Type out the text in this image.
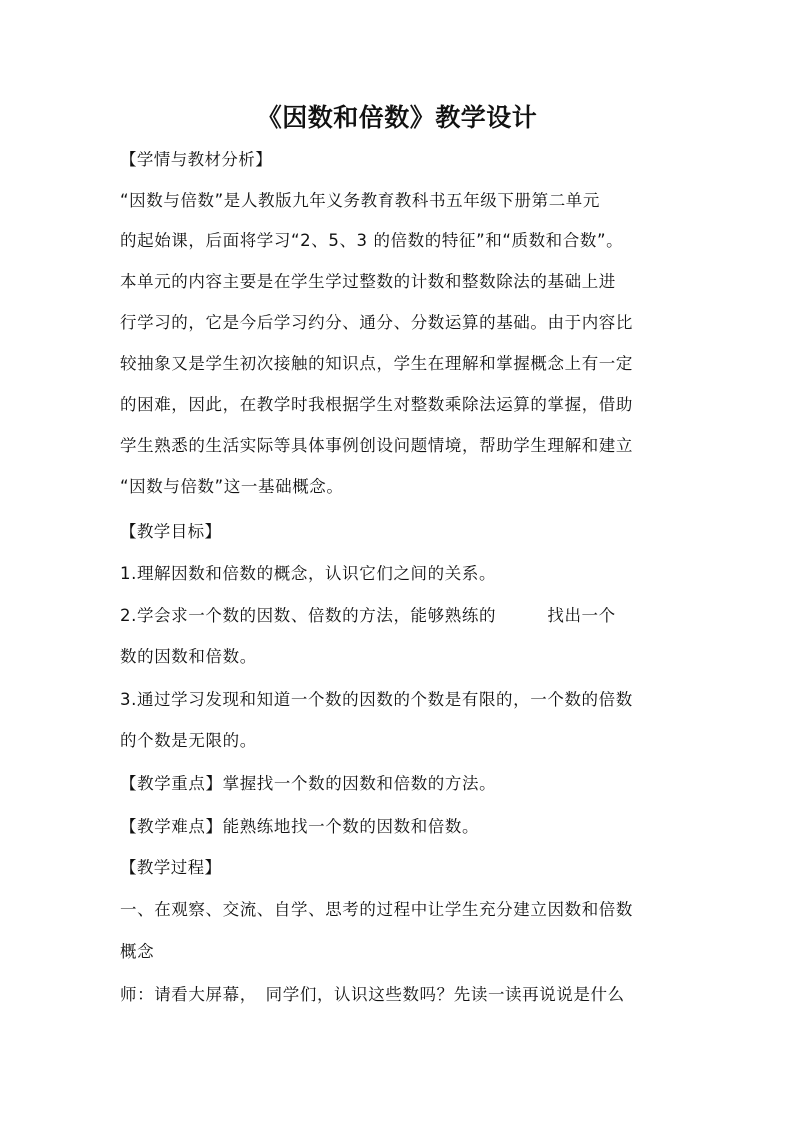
《因数和倍数》教学设计
【学情与教材分析】
“因数与倍数”是人教版九年义务教育教科书五年级下册第二单元
的起始课，后面将学习“2、5、3 的倍数的特征”和“质数和合数”。
本单元的内容主要是在学生学过整数的计数和整数除法的基础上进
行学习的，它是今后学习约分、通分、分数运算的基础。由于内容比
较抽象又是学生初次接触的知识点，学生在理解和掌握概念上有一定
的困难，因此，在教学时我根据学生对整数乘除法运算的掌握，借助
学生熟悉的生活实际等具体事例创设问题情境，帮助学生理解和建立
“因数与倍数”这一基础概念。
【教学目标】
1.理解因数和倍数的概念，认识它们之间的关系。
2.学会求一个数的因数、倍数的方法，能够熟练的　　　找出一个
数的因数和倍数。
3.通过学习发现和知道一个数的因数的个数是有限的，一个数的倍数
的个数是无限的。
【教学重点】掌握找一个数的因数和倍数的方法。
【教学难点】能熟练地找一个数的因数和倍数。
【教学过程】
一、在观察、交流、自学、思考的过程中让学生充分建立因数和倍数
概念
师：请看大屏幕，　同学们，认识这些数吗？先读一读再说说是什么
